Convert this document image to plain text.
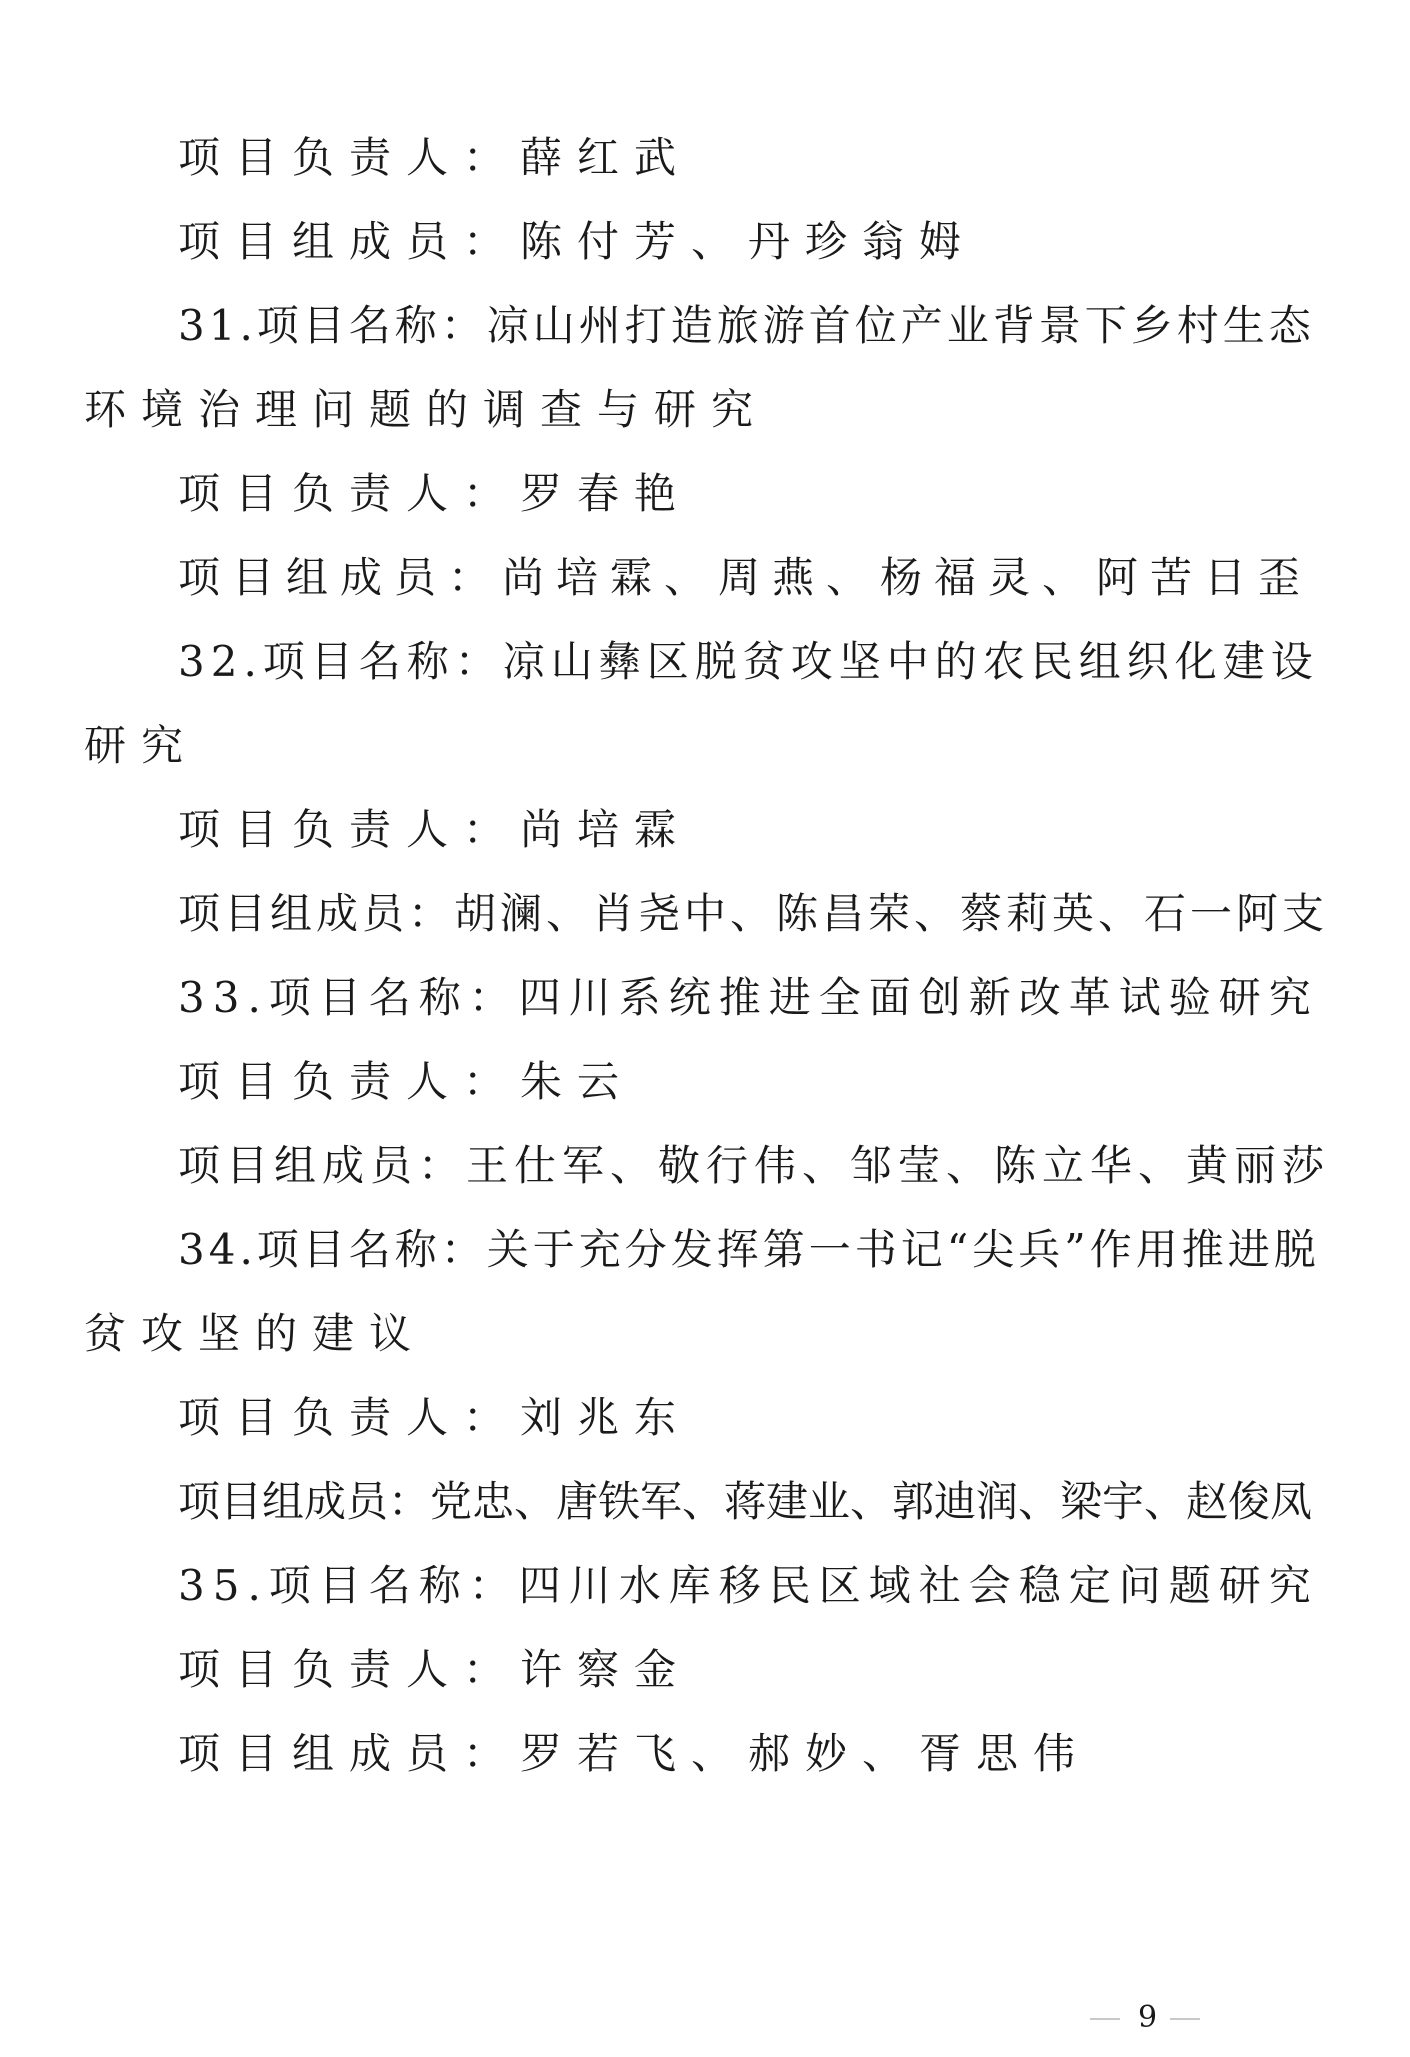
项目负责人：薛红武
项目组成员：陈付芳、丹珍翁姆
31.项目名称：凉山州打造旅游首位产业背景下乡村生态
环境治理问题的调查与研究
项目负责人：罗春艳
项目组成员：尚培霖、周燕、杨福灵、阿苦日歪
32.项目名称：凉山彝区脱贫攻坚中的农民组织化建设
研究
项目负责人：尚培霖
项目组成员：胡澜、肖尧中、陈昌荣、蔡莉英、石一阿支
33.项目名称：四川系统推进全面创新改革试验研究
项目负责人：朱云
项目组成员：王仕军、敬行伟、邹莹、陈立华、黄丽莎
34.项目名称：关于充分发挥第一书记“尖兵”作用推进脱
贫攻坚的建议
项目负责人：刘兆东
项目组成员：党忠、唐铁军、蒋建业、郭迪润、梁宇、赵俊凤
35.项目名称：四川水库移民区域社会稳定问题研究
项目负责人：许察金
项目组成员：罗若飞、郝妙、胥思伟
9
